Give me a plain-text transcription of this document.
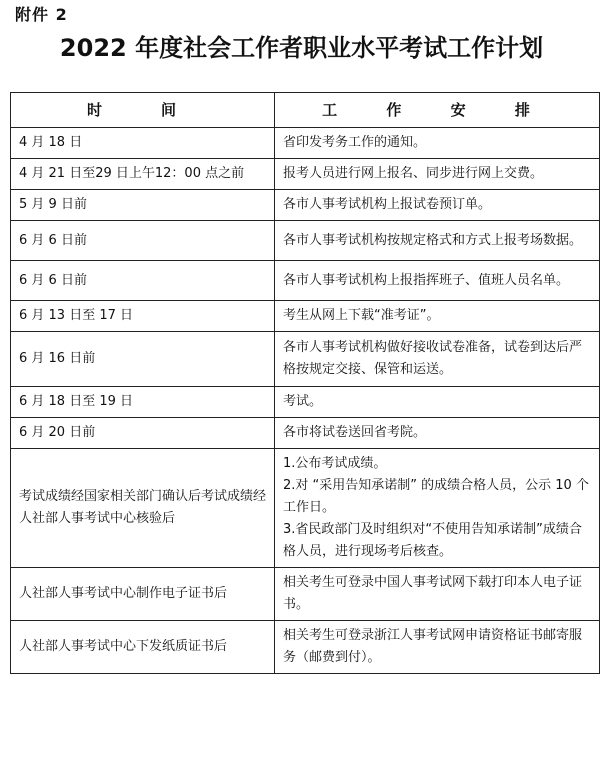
附件 2
2022 年度社会工作者职业水平考试工作计划
时　间	工 作 安 排
4 月 18 日	省印发考务工作的通知。
4 月 21 日至29 日上午12：00 点之前	报考人员进行网上报名、同步进行网上交费。
5 月 9 日前	各市人事考试机构上报试卷预订单。
6 月 6 日前	各市人事考试机构按规定格式和方式上报考场数据。
6 月 6 日前	各市人事考试机构上报指挥班子、值班人员名单。
6 月 13 日至 17 日	考生从网上下载“准考证”。
6 月 16 日前	各市人事考试机构做好接收试卷准备，试卷到达后严格按规定交接、保管和运送。
6 月 18 日至 19 日	考试。
6 月 20 日前	各市将试卷送回省考院。
考试成绩经国家相关部门确认后考试成绩经人社部人事考试中心核验后	1.公布考试成绩。
2.对 “采用告知承诺制” 的成绩合格人员，公示 10 个工作日。
3.省民政部门及时组织对“不使用告知承诺制”成绩合格人员，进行现场考后核查。

人社部人事考试中心制作电子证书后	相关考生可登录中国人事考试网下载打印本人电子证书。
人社部人事考试中心下发纸质证书后	相关考生可登录浙江人事考试网申请资格证书邮寄服务（邮费到付）。
